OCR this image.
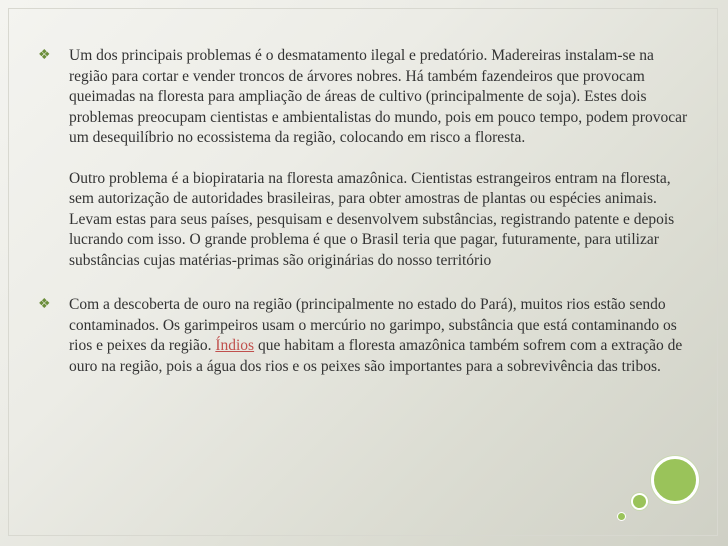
❖ Um dos principais problemas é o desmatamento ilegal e predatório. Madereiras instalam-se na região para cortar e vender troncos de árvores nobres. Há também fazendeiros que provocam queimadas na floresta para ampliação de áreas de cultivo (principalmente de soja). Estes dois problemas preocupam cientistas e ambientalistas do mundo, pois em pouco tempo, podem provocar um desequilíbrio no ecossistema da região, colocando em risco a floresta.

Outro problema é a biopirataria na floresta amazônica. Cientistas estrangeiros entram na floresta, sem autorização de autoridades brasileiras, para obter amostras de plantas ou espécies animais. Levam estas para seus países, pesquisam e desenvolvem substâncias, registrando patente e depois lucrando com isso. O grande problema é que o Brasil teria que pagar, futuramente, para utilizar substâncias cujas matérias-primas são originárias do nosso território

❖ Com a descoberta de ouro na região (principalmente no estado do Pará), muitos rios estão sendo contaminados. Os garimpeiros usam o mercúrio no garimpo, substância que está contaminando os rios e peixes da região. Índios que habitam a floresta amazônica também sofrem com a extração de ouro na região, pois a água dos rios e os peixes são importantes para a sobrevivência das tribos.
